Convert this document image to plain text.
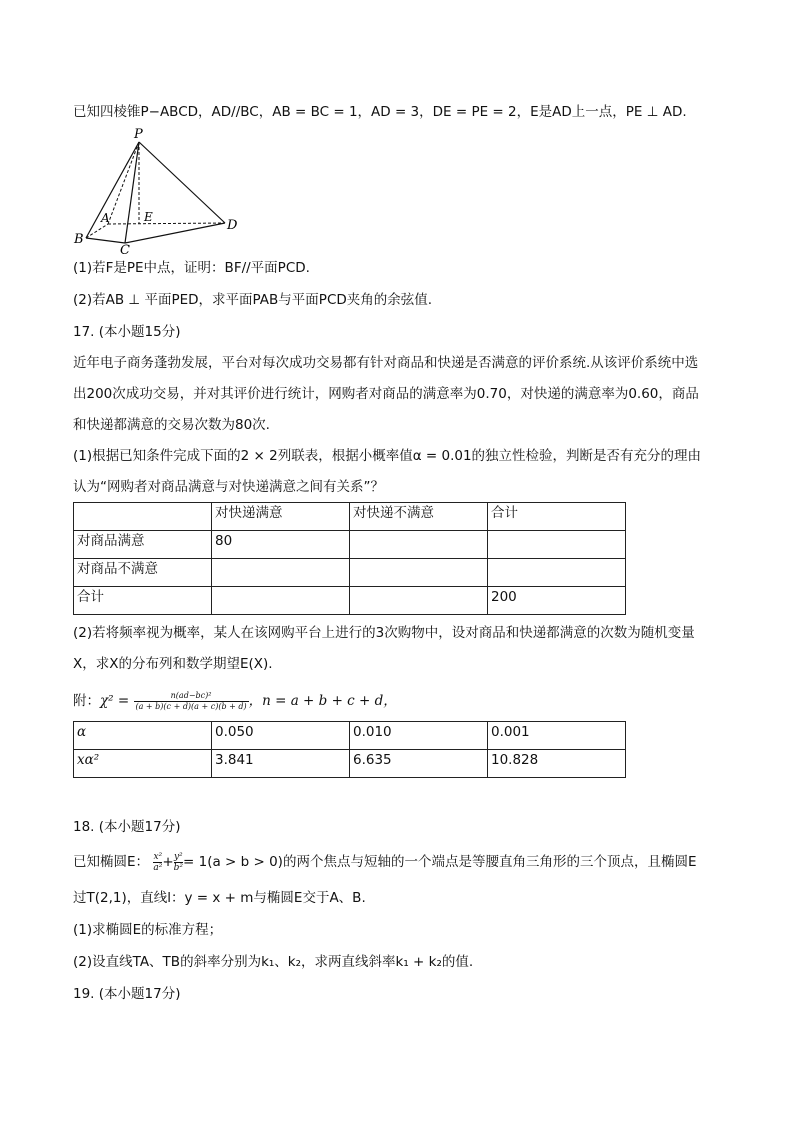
已知四棱锥P−ABCD，AD//BC，AB = BC = 1，AD = 3，DE = PE = 2，E是AD上一点，PE ⊥ AD.
P
A	E
B
C
D
(1)若F是PE中点，证明：BF//平面PCD.
(2)若AB ⊥ 平面PED，求平面PAB与平面PCD夹角的余弦值.
17. (本小题15分)
近年电子商务蓬勃发展，平台对每次成功交易都有针对商品和快递是否满意的评价系统.从该评价系统中选
出200次成功交易，并对其评价进行统计，网购者对商品的满意率为0.70，对快递的满意率为0.60，商品
和快递都满意的交易次数为80次.
(1)根据已知条件完成下面的2 × 2列联表，根据小概率值α = 0.01的独立性检验，判断是否有充分的理由
认为“网购者对商品满意与对快递满意之间有关系”？
	对快递满意	对快递不满意	合计
对商品满意	80		
对商品不满意			
合计			200
(2)若将频率视为概率，某人在该网购平台上进行的3次购物中，设对商品和快递都满意的次数为随机变量
X，求X的分布列和数学期望E(X).
附：$\chi^2 = \frac{\text{n(ad−bc)²}}{(a + b)(c + d)(a + c)(b + d)}$ ，n = a + b + c + d，
α	0.050	0.010	0.001
xα²	3.841	6.635	10.828
18. (本小题17分)
已知椭圆E： $\frac{\text{x²}}{\text{a²}} + \frac{\text{y²}}{\text{b²}} = 1(a > b > 0)$的两个焦点与短轴的一个端点是等腰直角三角形的三个顶点，且椭圆E
过T(2,1)，直线l：y = x + m与椭圆E交于A、B.
(1)求椭圆E的标准方程；
(2)设直线TA、TB的斜率分别为k₁、k₂，求两直线斜率k₁ + k₂的值.
19. (本小题17分)
